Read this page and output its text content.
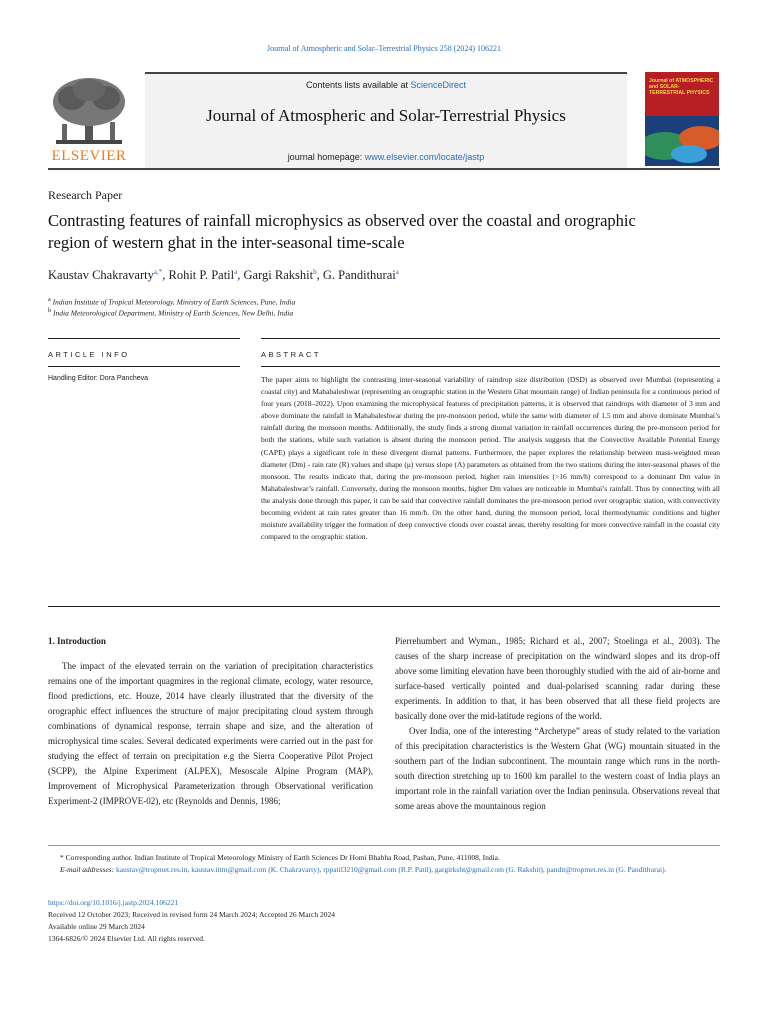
Journal of Atmospheric and Solar–Terrestrial Physics 258 (2024) 106221
ELSEVIER
Contents lists available at ScienceDirect
Journal of Atmospheric and Solar-Terrestrial Physics
journal homepage: www.elsevier.com/locate/jastp
Journal of ATMOSPHERIC and SOLAR-TERRESTRIAL PHYSICS
Research Paper
Contrasting features of rainfall microphysics as observed over the coastal and orographic region of western ghat in the inter-seasonal time-scale
Kaustav Chakravarty$^{a,*}$, Rohit P. Patil$^a$, Gargi Rakshit$^b$, G. Pandithurai$^a$
$^a$ Indian Institute of Tropical Meteorology, Ministry of Earth Sciences, Pune, India
$^b$ India Meteorological Department, Ministry of Earth Sciences, New Delhi, India
ARTICLE INFO	ABSTRACT
Handling Editor: Dora Pancheva	The paper aims to highlight the contrasting inter-seasonal variability of raindrop size distribution (DSD) as observed over Mumbai (representing a coastal city) and Mahabaleshwar (representing an orographic station in the Western Ghat mountain range) of Indian peninsula for a continuous period of four years (2018–2022). Upon examining the microphysical features of precipitation patterns, it is observed that raindrops with diameter of 3 mm and above dominate the rainfall in Mahabaleshwar during the pre-monsoon period, while the same with diameter of 1.5 mm and above dominate Mumbai’s rainfall during the monsoon months. Additionally, the study finds a strong diurnal variation in rainfall occurrences during the pre-monsoon period for both the stations, while such variation is absent during the monsoon period. The analysis suggests that the Convective Available Potential Energy (CAPE) plays a significant role in these divergent diurnal patterns. Furthermore, the paper explores the relationship between mass-weighted mean diameter (Dm) - rain rate (R) values and shape (μ) versus slope (Λ) parameters as obtained from the two stations during the inter-seasonal phases of the monsoon. The results indicate that, during the pre-monsoon period, higher rain intensities (>16 mm/h) correspond to a dominant Dm value in Mahabaleshwar’s rainfall. Conversely, during the monsoon months, higher Dm values are noticeable in Mumbai’s rainfall. Thus by connecting with all the analysis done through this paper, it can be said that convective rainfall dominates the pre-monsoon period over orographic station, with convectivity becoming evident at rain rates greater than 16 mm/h. On the other hand, during the monsoon period, local thermodynamic conditions and higher moisture availability trigger the formation of deep convective clouds over coastal areas, thereby resulting for more convective rainfall in the coastal city compared to the orographic station.
1. Introduction

The impact of the elevated terrain on the variation of precipitation characteristics remains one of the important quagmires in the regional climate, ecology, water resource, flood predictions, etc. Houze, 2014 have clearly illustrated that the diversity of the orographic effect influences the structure of major precipitating cloud system through combinations of dynamical response, terrain shape and size, and the alteration of microphysical time scales. Several dedicated experiments were carried out in the past for studying the effect of terrain on precipitation e.g the Sierra Cooperative Pilot Project (SCPP), the Alpine Experiment (ALPEX), Mesoscale Alpine Program (MAP), Improvement of Microphysical Parameterization through Observational verification Experiment-2 (IMPROVE-02), etc (Reynolds and Dennis, 1986;

Pierrehumbert and Wyman., 1985; Richard et al., 2007; Stoelinga et al., 2003). The causes of the sharp increase of precipitation on the windward slopes and its drop-off above some limiting elevation have been thoroughly studied with the aid of air-borne and surface-based vertically pointed and dual-polarised scanning radar during these experiments. In addition to that, it has been observed that all these field projects are basically done over the mid-latitude regions of the world.

Over India, one of the interesting “Archetype” areas of study related to the variation of this precipitation characteristics is the Western Ghat (WG) mountain situated in the southern part of the Indian subcontinent. The mountain range which runs in the north-south direction stretching up to 1600 km parallel to the western coast of India plays an important role in the rainfall variation over the Indian peninsula. Observations reveal that some areas above the mountainous region

* Corresponding author. Indian Institute of Tropical Meteorology Ministry of Earth Sciences Dr Homi Bhabha Road, Pashan, Pune, 411008, India.
E-mail addresses: kaustav@tropmet.res.in, kaustav.iitm@gmail.com (K. Chakravarty), rppatil3210@gmail.com (R.P. Patil), gargirksht@gmail.com (G. Rakshit), pandit@tropmet.res.in (G. Pandithurai).
https://doi.org/10.1016/j.jastp.2024.106221
Received 12 October 2023; Received in revised form 24 March 2024; Accepted 26 March 2024
Available online 29 March 2024
1364-6826/© 2024 Elsevier Ltd. All rights reserved.
